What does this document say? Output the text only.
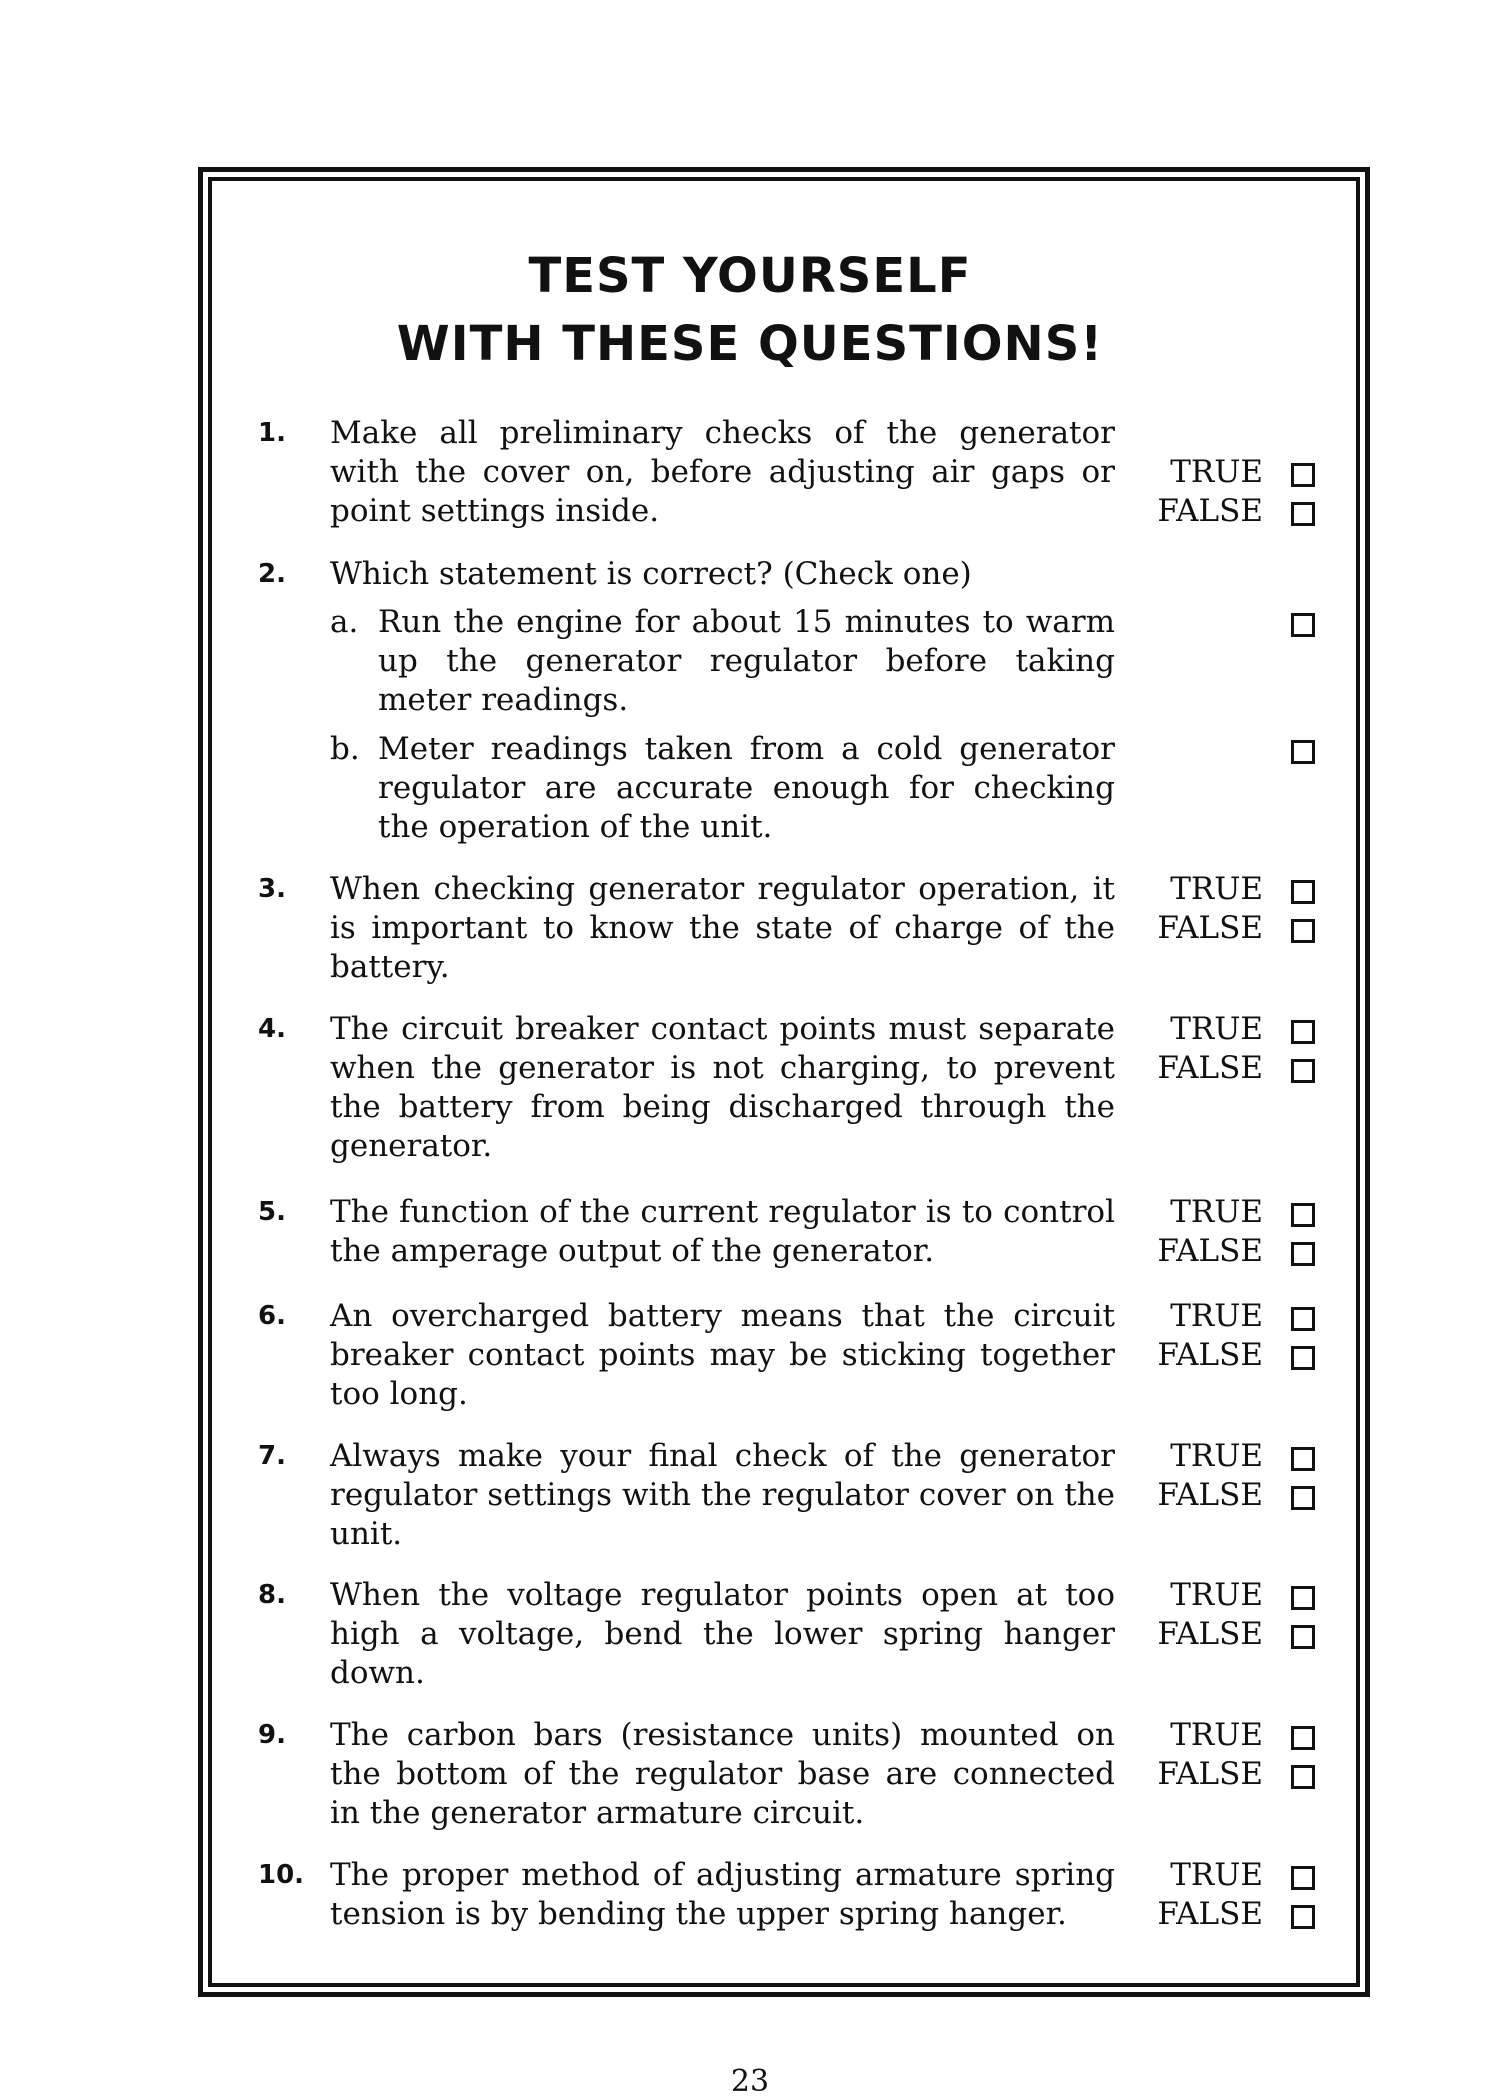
TEST YOURSELF
WITH THESE QUESTIONS!
1.	Make all preliminary checks of the generator with the cover on, before adjusting air gaps or point settings inside.
TRUE
FALSE
2.	Which statement is correct? (Check one)
a. Run the engine for about 15 minutes to warm up the generator regulator before taking meter readings.
b. Meter readings taken from a cold generator regulator are accurate enough for checking the operation of the unit.
3.	When checking generator regulator operation, it is important to know the state of charge of the battery.
TRUE
FALSE
4.	The circuit breaker contact points must separate when the generator is not charging, to prevent the battery from being discharged through the generator.
TRUE
FALSE
5.	The function of the current regulator is to control the amperage output of the generator.
TRUE
FALSE
6.	An overcharged battery means that the circuit breaker contact points may be sticking together too long.
TRUE
FALSE
7.	Always make your final check of the generator regulator settings with the regulator cover on the unit.
TRUE
FALSE
8.	When the voltage regulator points open at too high a voltage, bend the lower spring hanger down.
TRUE
FALSE
9.	The carbon bars (resistance units) mounted on the bottom of the regulator base are connected in the generator armature circuit.
TRUE
FALSE
10. The proper method of adjusting armature spring tension is by bending the upper spring hanger.
TRUE
FALSE
23
